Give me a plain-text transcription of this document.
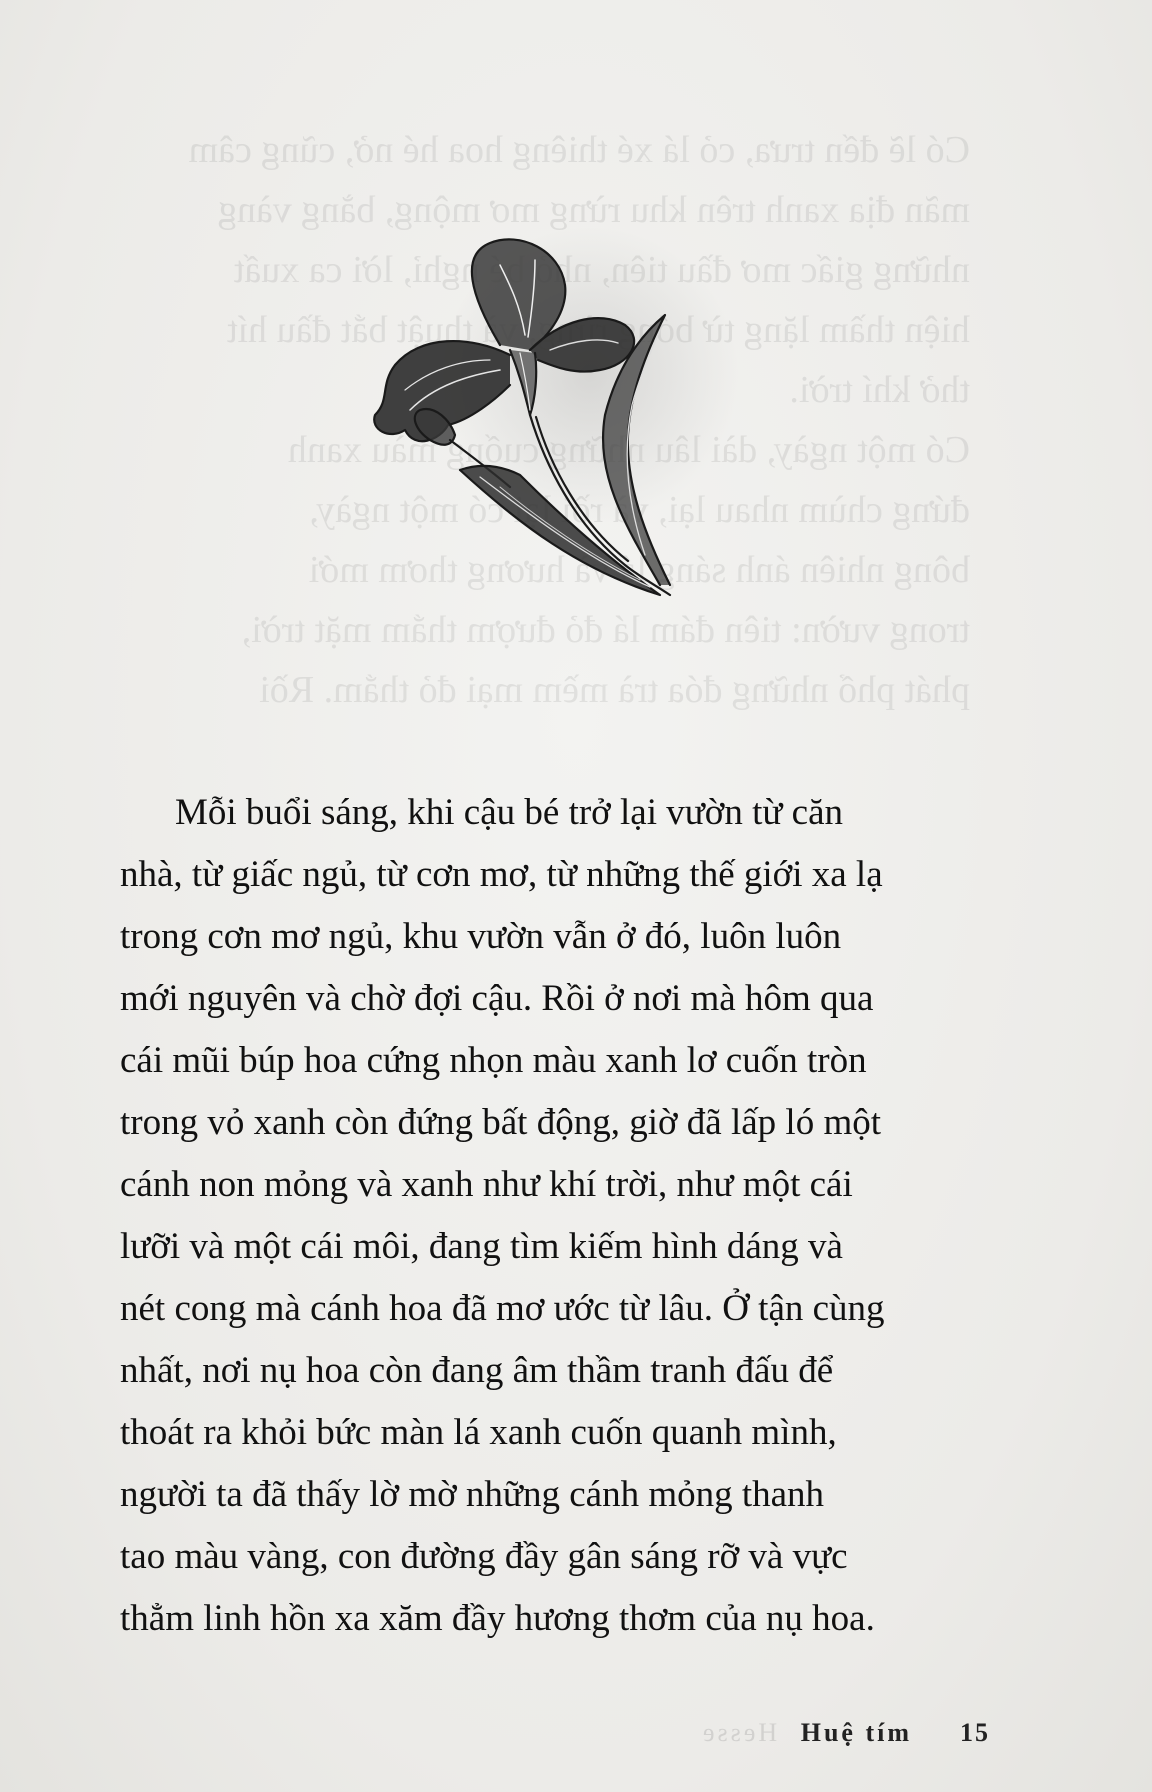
Có lẽ đến trưa, cỏ lá xé thiêng hoa hé nở, cũng câm

mãn địa xanh trên khu rừng mơ mộng, bằng vàng

những giấc mơ đầu nghỉ, lời ca xuất

hiện thầm lặng thuật bắt đầu hít

thở khí trời.

Có một ngày, dài màu xanh

đứng chùm nhau lại, có một ngày,

bông nhiên ánh sáng lá và hương thơm mới

trong vườn: tiên đám lá đỏ đượm thắm mặt trời,

phát phổ những đóa trà mềm mại đỏ thắm. Rồi

Mỗi buổi sáng, khi cậu bé trở lại vườn từ căn
nhà, từ giấc ngủ, từ cơn mơ, từ những thế giới xa lạ
trong cơn mơ ngủ, khu vườn vẫn ở đó, luôn luôn
mới nguyên và chờ đợi cậu. Rồi ở nơi mà hôm qua
cái mũi búp hoa cứng nhọn màu xanh lơ cuốn tròn
trong vỏ xanh còn đứng bất động, giờ đã lấp ló một
cánh non mỏng và xanh như khí trời, như một cái
lưỡi và một cái môi, đang tìm kiếm hình dáng và
nét cong mà cánh hoa đã mơ ước từ lâu. Ở tận cùng
nhất, nơi nụ hoa còn đang âm thầm tranh đấu để
thoát ra khỏi bức màn lá xanh cuốn quanh mình,
người ta đã thấy lờ mờ những cánh mỏng thanh
tao màu vàng, con đường đầy gân sáng rỡ và vực
thẳm linh hồn xa xăm đầy hương thơm của nụ hoa.
Hesse Huệ tím 15
